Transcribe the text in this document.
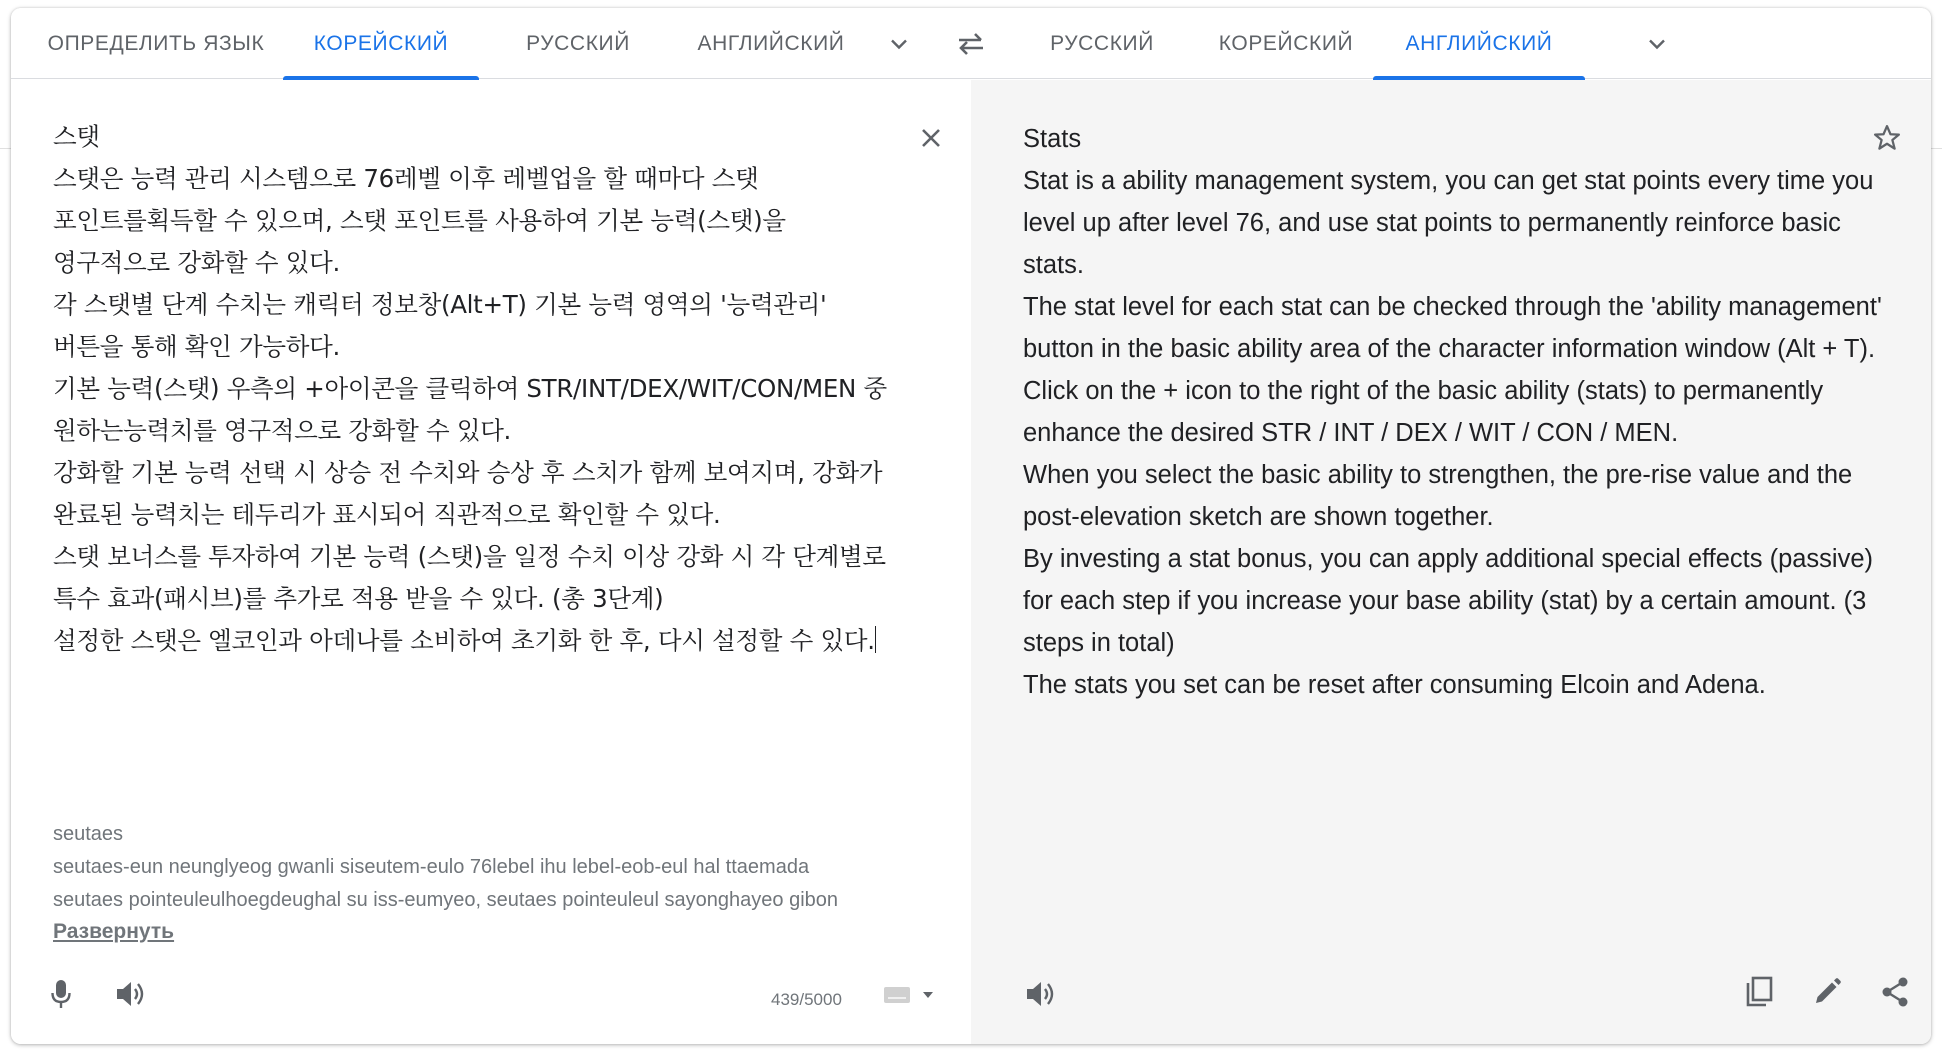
ОПРЕДЕЛИТЬ ЯЗЫК	КОРЕЙСКИЙ	РУССКИЙ	АНГЛИЙСКИЙ	РУССКИЙ	КОРЕЙСКИЙ	АНГЛИЙСКИЙ
스탯
스탯은 능력 관리 시스템으로 76레벨 이후 레벨업을 할 때마다 스탯 포인트를획득할 수 있으며, 스탯 포인트를 사용하여 기본 능력(스탯)을 영구적으로 강화할 수 있다.
각 스탯별 단계 수치는 캐릭터 정보창(Alt+T) 기본 능력 영역의 '능력관리' 버튼을 통해 확인 가능하다.
기본 능력(스탯) 우측의 +아이콘을 클릭하여 STR/INT/DEX/WIT/CON/MEN 중 원하는능력치를 영구적으로 강화할 수 있다.
강화할 기본 능력 선택 시 상승 전 수치와 승상 후 스치가 함께 보여지며, 강화가 완료된 능력치는 테두리가 표시되어 직관적으로 확인할 수 있다.
스탯 보너스를 투자하여 기본 능력 (스탯)을 일정 수치 이상 강화 시 각 단계별로 특수 효과(패시브)를 추가로 적용 받을 수 있다. (총 3단계)
설정한 스탯은 엘코인과 아데나를 소비하여 초기화 한 후, 다시 설정할 수 있다.
seutaes
seutaes-eun neunglyeog gwanli siseutem-eulo 76lebel ihu lebel-eob-eul hal ttaemada
seutaes pointeuleulhoegdeughal su iss-eumyeo, seutaes pointeuleul sayonghayeo gibon
Развернуть
439/5000
Stats
Stat is a ability management system, you can get stat points every time you level up after level 76, and use stat points to permanently reinforce basic stats.
The stat level for each stat can be checked through the 'ability management' button in the basic ability area of the character information window (Alt + T).
Click on the + icon to the right of the basic ability (stats) to permanently enhance the desired STR / INT / DEX / WIT / CON / MEN.
When you select the basic ability to strengthen, the pre-rise value and the post-elevation sketch are shown together.
By investing a stat bonus, you can apply additional special effects (passive) for each step if you increase your base ability (stat) by a certain amount. (3 steps in total)
The stats you set can be reset after consuming Elcoin and Adena.
